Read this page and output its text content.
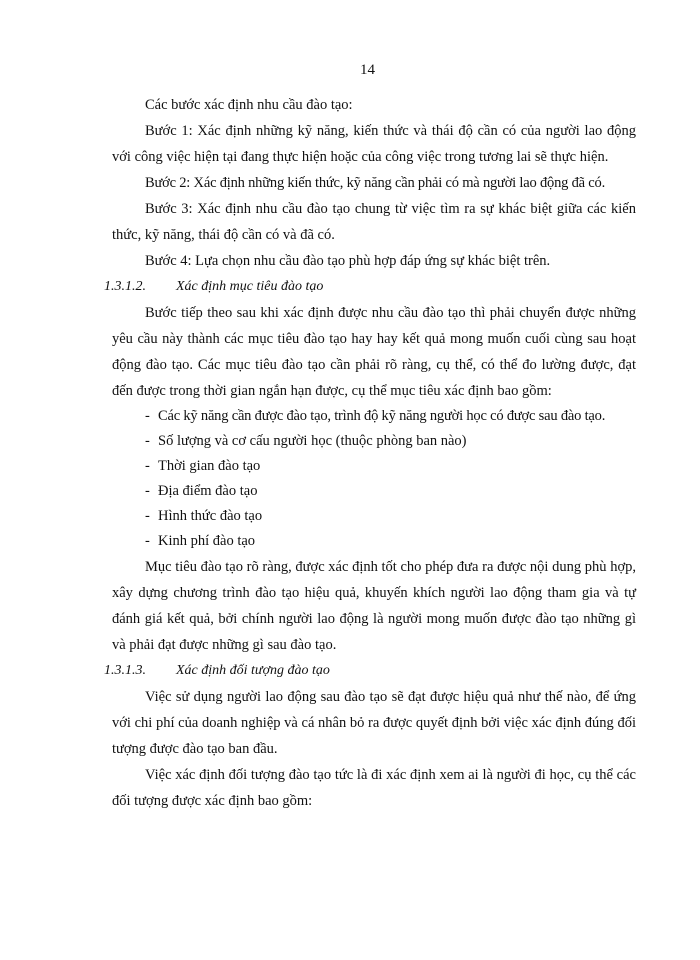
14

Các bước xác định nhu cầu đào tạo:

Bước 1: Xác định những kỹ năng, kiến thức và thái độ cần có của người lao động với công việc hiện tại đang thực hiện hoặc của công việc trong tương lai sẽ thực hiện.

Bước 2: Xác định những kiến thức, kỹ năng cần phải có mà người lao động đã có.

Bước 3: Xác định nhu cầu đào tạo chung từ việc tìm ra sự khác biệt giữa các kiến thức, kỹ năng, thái độ cần có và đã có.

Bước 4: Lựa chọn nhu cầu đào tạo phù hợp đáp ứng sự khác biệt trên.

1.3.1.2. Xác định mục tiêu đào tạo

Bước tiếp theo sau khi xác định được nhu cầu đào tạo thì phải chuyển được những yêu cầu này thành các mục tiêu đào tạo hay hay kết quả mong muốn cuối cùng sau hoạt động đào tạo. Các mục tiêu đào tạo cần phải rõ ràng, cụ thể, có thể đo lường được, đạt đến được trong thời gian ngắn hạn được, cụ thể mục tiêu xác định bao gồm:

- Các kỹ năng cần được đào tạo, trình độ kỹ năng người học có được sau đào tạo.
- Số lượng và cơ cấu người học (thuộc phòng ban nào)
- Thời gian đào tạo
- Địa điểm đào tạo
- Hình thức đào tạo
- Kinh phí đào tạo

Mục tiêu đào tạo rõ ràng, được xác định tốt cho phép đưa ra được nội dung phù hợp, xây dựng chương trình đào tạo hiệu quả, khuyến khích người lao động tham gia và tự đánh giá kết quả, bởi chính người lao động là người mong muốn được đào tạo những gì và phải đạt được những gì sau đào tạo.

1.3.1.3. Xác định đối tượng đào tạo

Việc sử dụng người lao động sau đào tạo sẽ đạt được hiệu quả như thế nào, để ứng với chi phí của doanh nghiệp và cá nhân bỏ ra được quyết định bởi việc xác định đúng đối tượng được đào tạo ban đầu.

Việc xác định đối tượng đào tạo tức là đi xác định xem ai là người đi học, cụ thể các đối tượng được xác định bao gồm:
